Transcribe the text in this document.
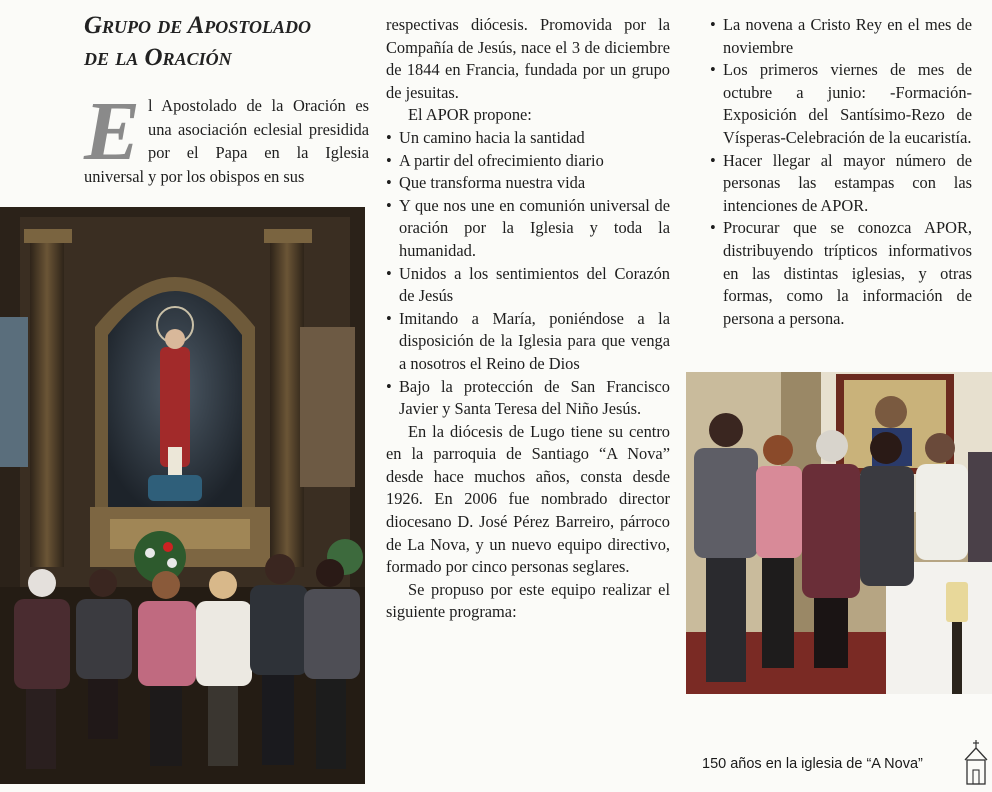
Grupo de Apostolado
de la Oración

El Apostolado de la Oración es una asociación eclesial presidida por el Papa en la Iglesia universal y por los obispos en sus

respectivas diócesis. Promovida por la Compañía de Jesús, nace el 3 de diciembre de 1844 en Francia, fundada por un grupo de jesuitas.

El APOR propone:

• Un camino hacia la santidad
• A partir del ofrecimiento diario
• Que transforma nuestra vida
• Y que nos une en comunión universal de oración por la Iglesia y toda la humanidad.
• Unidos a los sentimientos del Corazón de Jesús
• Imitando a María, poniéndose a la disposición de la Iglesia para que venga a nosotros el Reino de Dios
• Bajo la protección de San Francisco Javier y Santa Teresa del Niño Jesús.

En la diócesis de Lugo tiene su centro en la parroquia de Santiago “A Nova” desde hace muchos años, consta desde 1926. En 2006 fue nombrado director diocesano D. José Pérez Barreiro, párroco de La Nova, y un nuevo equipo directivo, formado por cinco personas seglares.

Se propuso por este equipo realizar el siguiente programa:

• La novena a Cristo Rey en el mes de noviembre
• Los primeros viernes de mes de octubre a junio: -Formación-Exposición del Santísimo-Rezo de Vísperas-Celebración de la eucaristía.
• Hacer llegar al mayor número de personas las estampas con las intenciones de APOR.
• Procurar que se conozca APOR, distribuyendo trípticos informativos en las distintas iglesias, y otras formas, como la información de persona a persona.
150 años en la iglesia de “A Nova”
